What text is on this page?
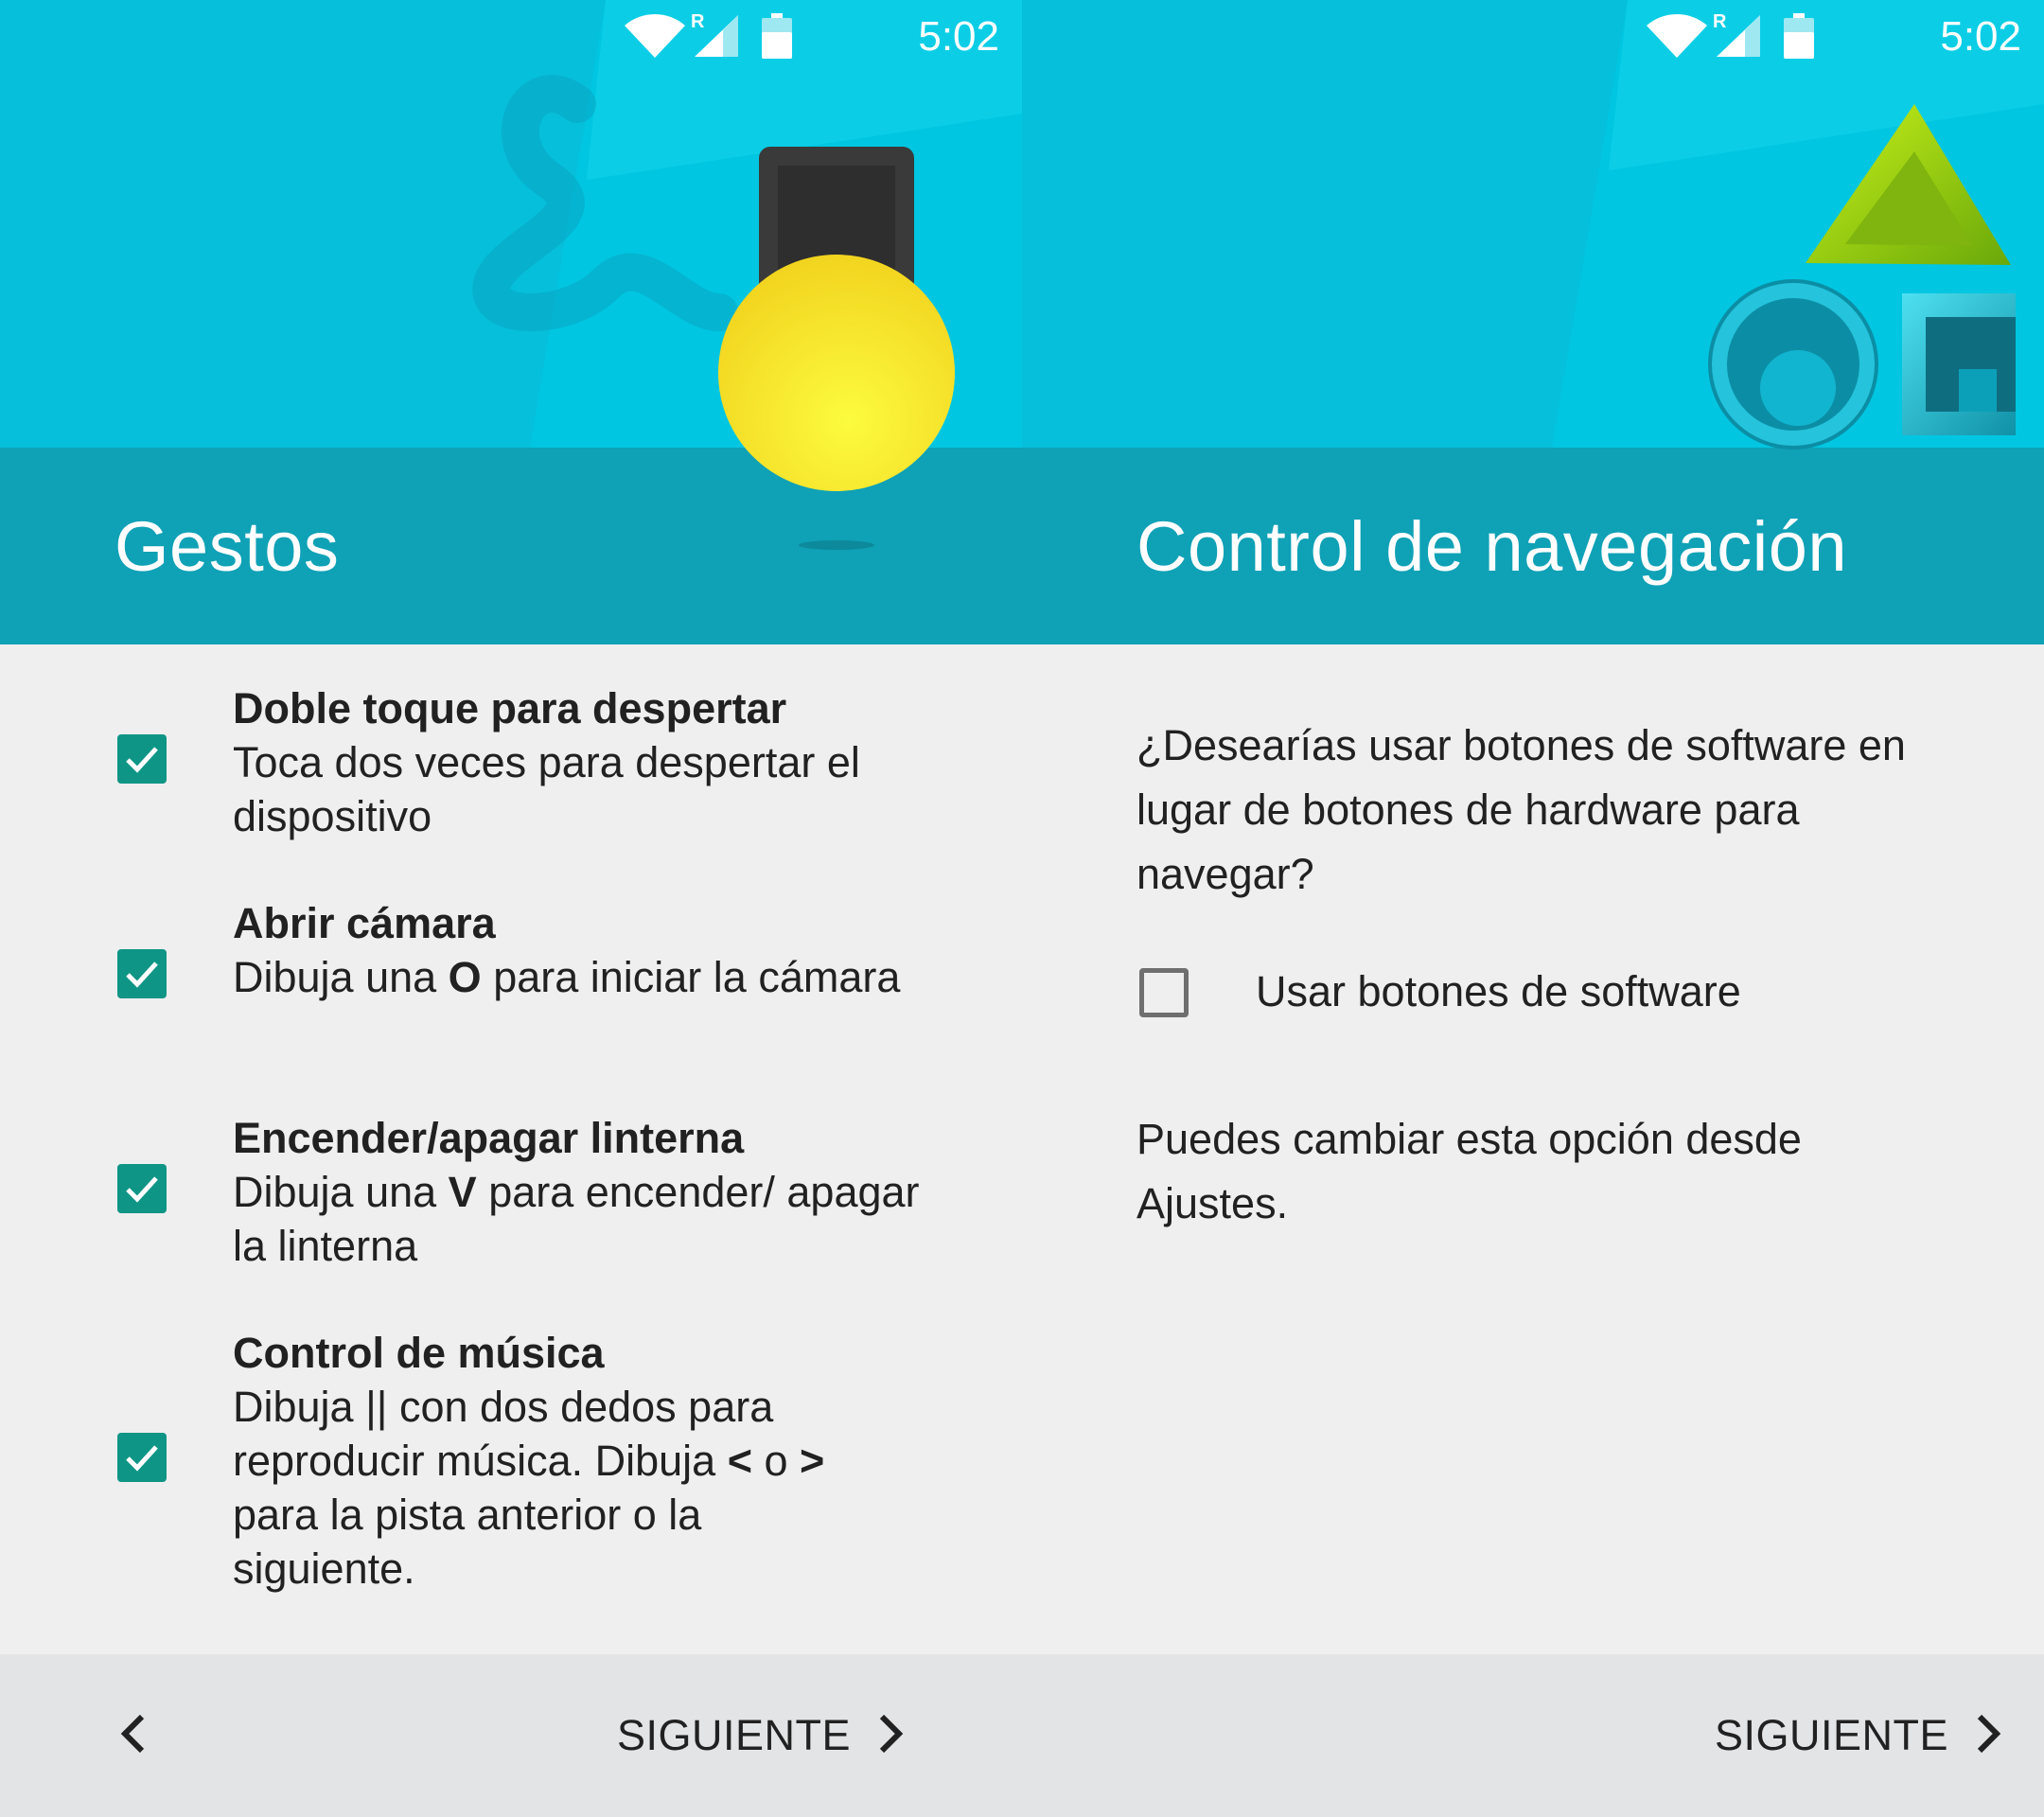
Gestos
R	5:02
Doble toque para despertar
Toca dos veces para despertar el dispositivo
Abrir cámara
Dibuja una O para iniciar la cámara
Encender/apagar linterna
Dibuja una V para encender/ apagar la linterna
Control de música
Dibuja || con dos dedos para reproducir música. Dibuja < o > para la pista anterior o la siguiente.
SIGUIENTE
Control de navegación
R	5:02
¿Desearías usar botones de software en lugar de botones de hardware para navegar?
Usar botones de software
Puedes cambiar esta opción desde Ajustes.
SIGUIENTE
